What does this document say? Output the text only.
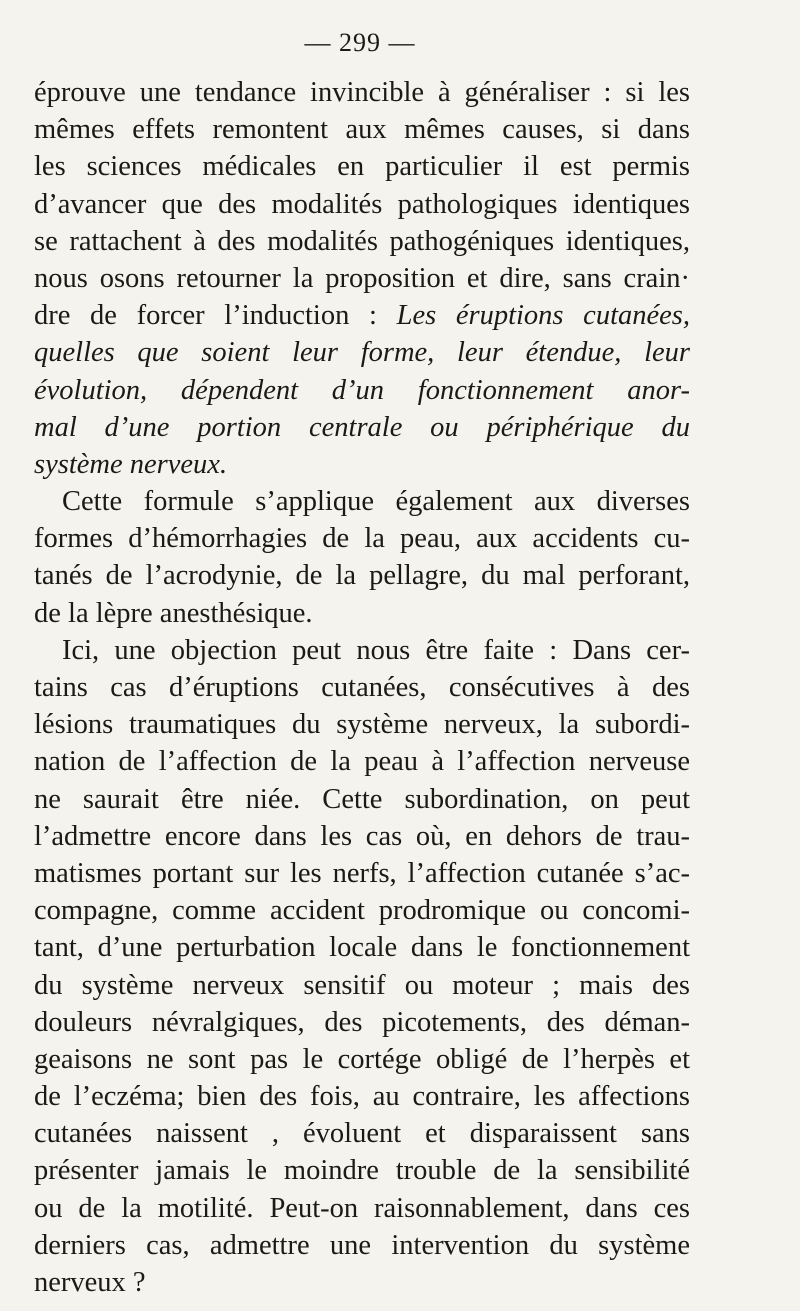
— 299 —
éprouve une tendance invincible à généraliser : si les
mêmes effets remontent aux mêmes causes, si dans
les sciences médicales en particulier il est permis
d’avancer que des modalités pathologiques identiques
se rattachent à des modalités pathogéniques identiques,
nous osons retourner la proposition et dire, sans crain·
dre de forcer l’induction : Les éruptions cutanées,
quelles que soient leur forme, leur étendue, leur
évolution, dépendent d’un fonctionnement anor-
mal d’une portion centrale ou périphérique du
système nerveux.
Cette formule s’applique également aux diverses
formes d’hémorrhagies de la peau, aux accidents cu-
tanés de l’acrodynie, de la pellagre, du mal perforant,
de la lèpre anesthésique.
Ici, une objection peut nous être faite : Dans cer-
tains cas d’éruptions cutanées, consécutives à des
lésions traumatiques du système nerveux, la subordi-
nation de l’affection de la peau à l’affection nerveuse
ne saurait être niée. Cette subordination, on peut
l’admettre encore dans les cas où, en dehors de trau-
matismes portant sur les nerfs, l’affection cutanée s’ac-
compagne, comme accident prodromique ou concomi-
tant, d’une perturbation locale dans le fonctionnement
du système nerveux sensitif ou moteur ; mais des
douleurs névralgiques, des picotements, des déman-
geaisons ne sont pas le cortége obligé de l’herpès et
de l’eczéma; bien des fois, au contraire, les affections
cutanées naissent , évoluent et disparaissent sans
présenter jamais le moindre trouble de la sensibilité
ou de la motilité. Peut-on raisonnablement, dans ces
derniers cas, admettre une intervention du système
nerveux ?
